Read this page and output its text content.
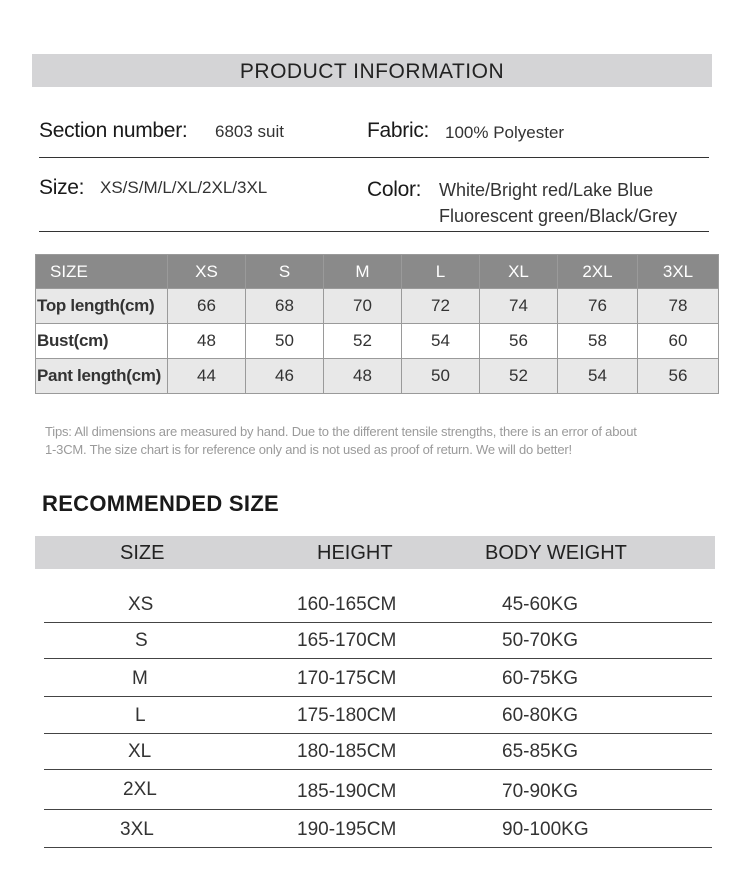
PRODUCT INFORMATION
Section number: 6803 suit	Fabric: 100% Polyester
Size: XS/S/M/L/XL/2XL/3XL	Color: White/Bright red/Lake Blue
Fluorescent green/Black/Grey
SIZE	XS	S	M	L	XL	2XL	3XL
Top length(cm)	66	68	70	72	74	76	78
Bust(cm)	48	50	52	54	56	58	60
Pant length(cm)	44	46	48	50	52	54	56
Tips: All dimensions are measured by hand. Due to the different tensile strengths, there is an error of about
1-3CM. The size chart is for reference only and is not used as proof of return. We will do better!
RECOMMENDED SIZE
SIZE	HEIGHT	BODY WEIGHT
XS	160-165CM	45-60KG
S	165-170CM	50-70KG
M	170-175CM	60-75KG
L	175-180CM	60-80KG
XL	180-185CM	65-85KG
2XL	185-190CM	70-90KG
3XL	190-195CM	90-100KG
